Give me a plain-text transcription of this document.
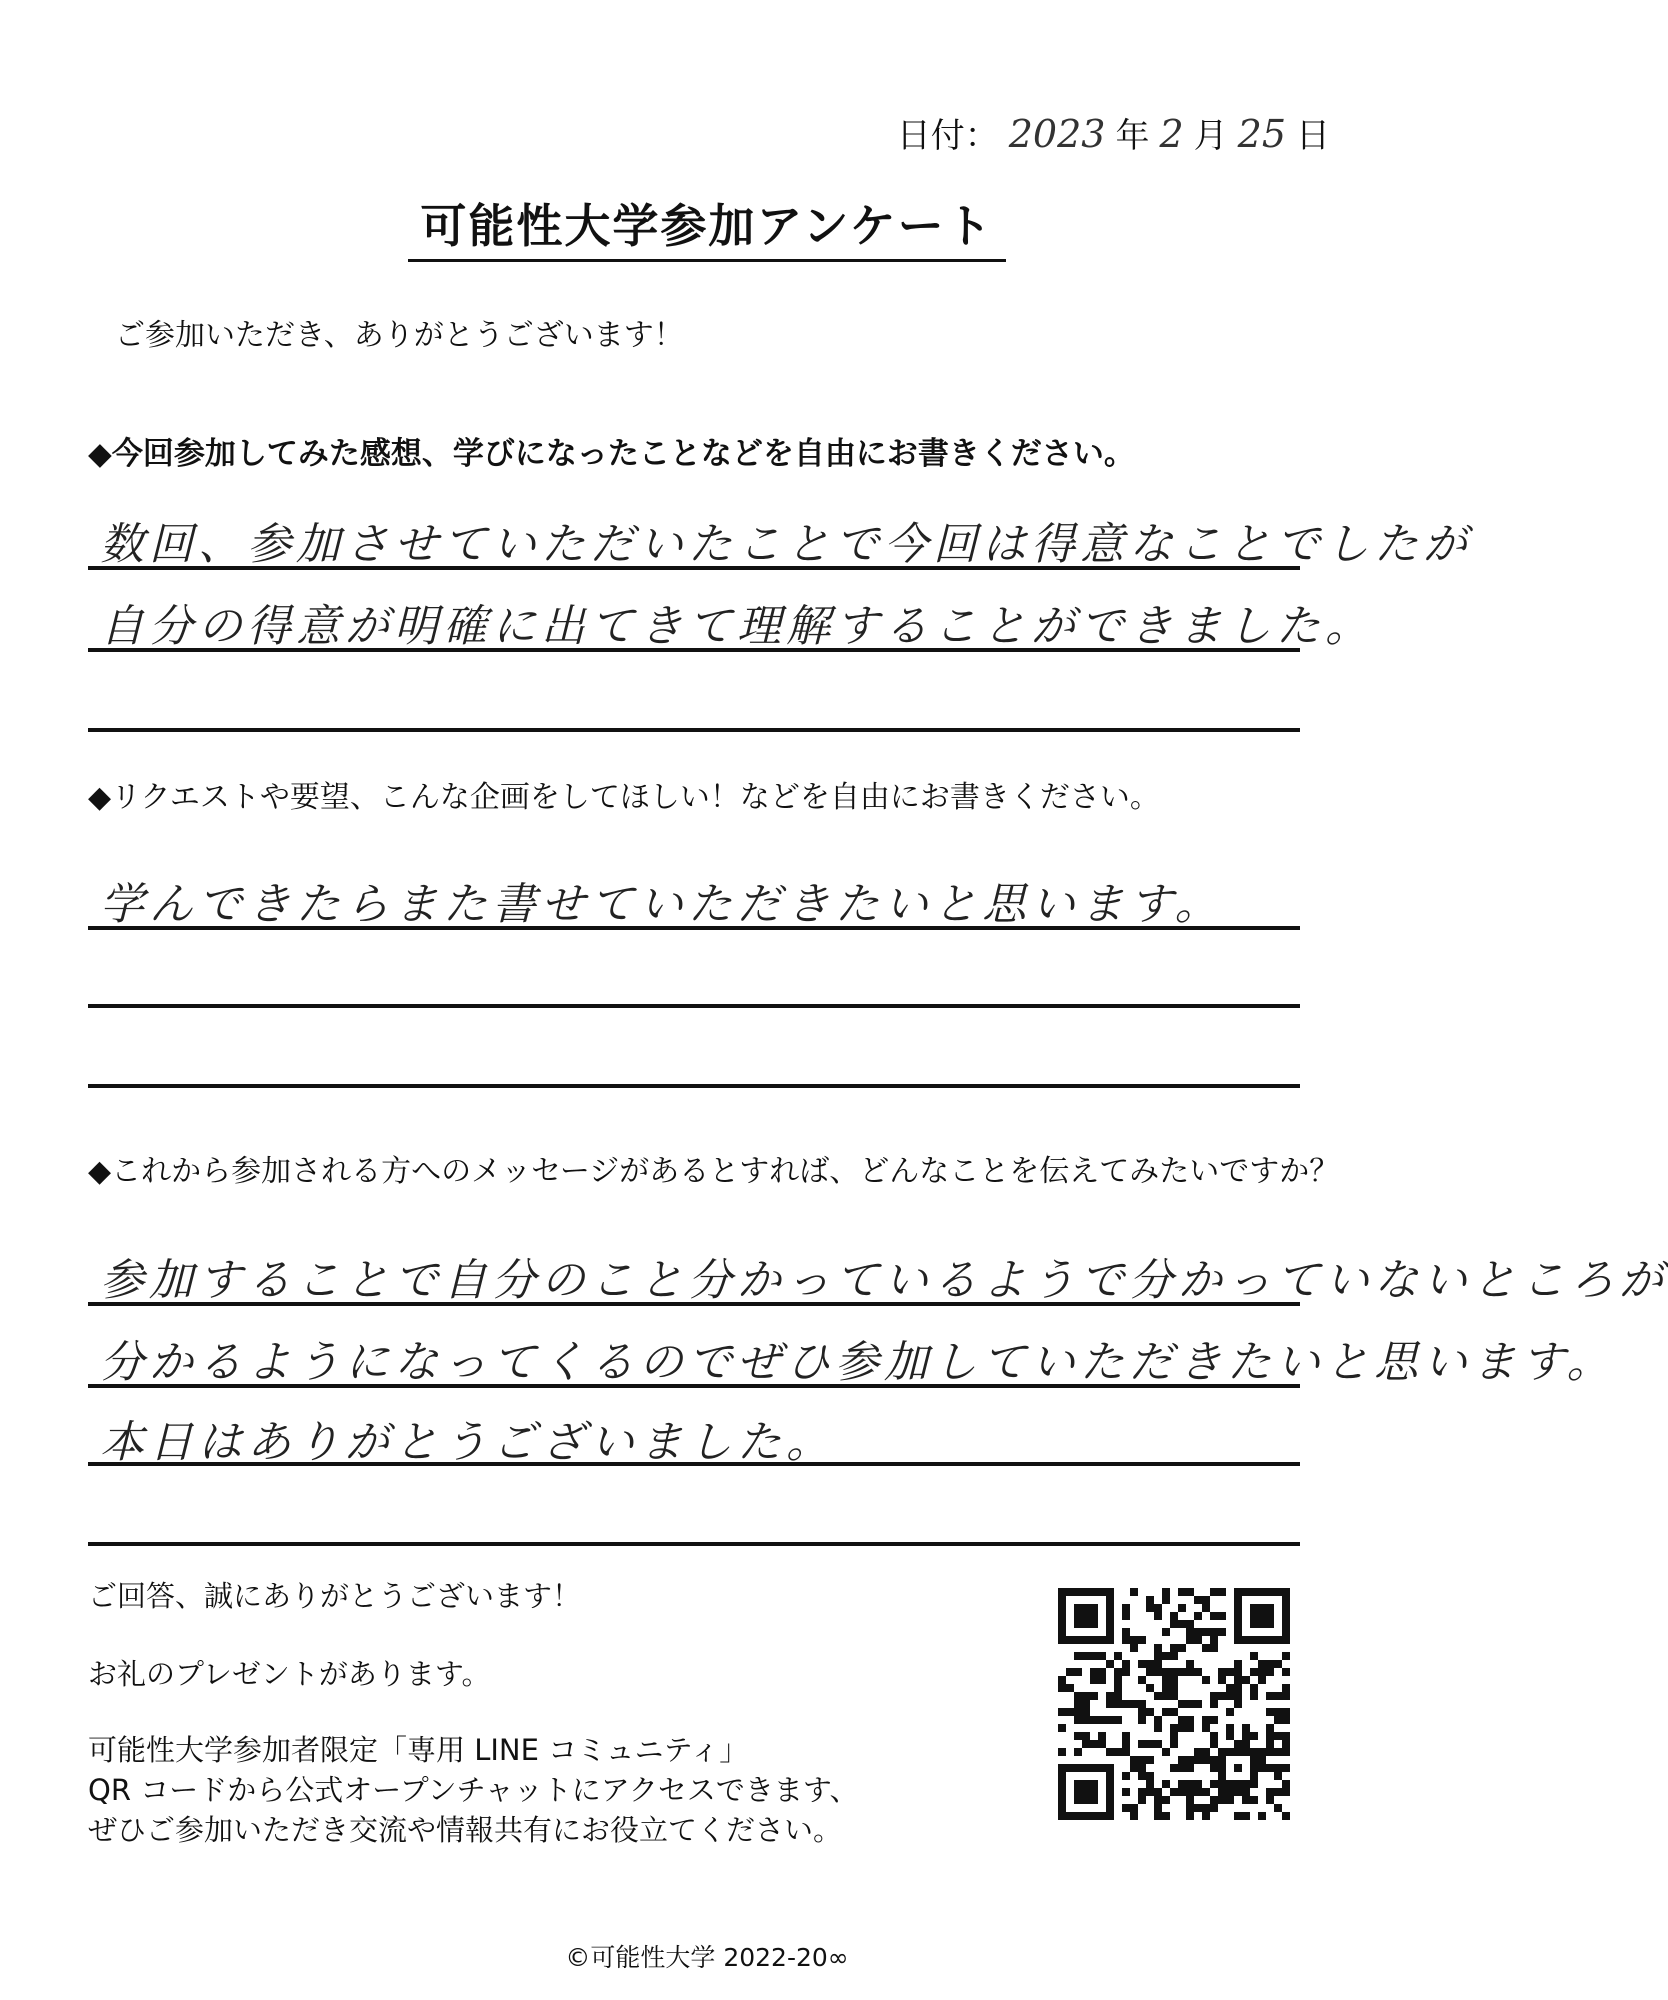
日付： 2023 年 2 月 25 日
可能性大学参加アンケート
ご参加いただき、ありがとうございます！
◆今回参加してみた感想、学びになったことなどを自由にお書きください。
数回、参加させていただいたことで今回は得意なことでしたが
自分の得意が明確に出てきて理解することができました。
◆リクエストや要望、こんな企画をしてほしい！などを自由にお書きください。
学んできたらまた書せていただきたいと思います。
◆これから参加される方へのメッセージがあるとすれば、どんなことを伝えてみたいですか？
参加することで自分のこと分かっているようで分かっていないところが
分かるようになってくるのでぜひ参加していただきたいと思います。
本日はありがとうございました。
ご回答、誠にありがとうございます！
お礼のプレゼントがあります。
可能性大学参加者限定「専用 LINE コミュニティ」
QR コードから公式オープンチャットにアクセスできます、
ぜひご参加いただき交流や情報共有にお役立てください。
©可能性大学 2022-20∞
